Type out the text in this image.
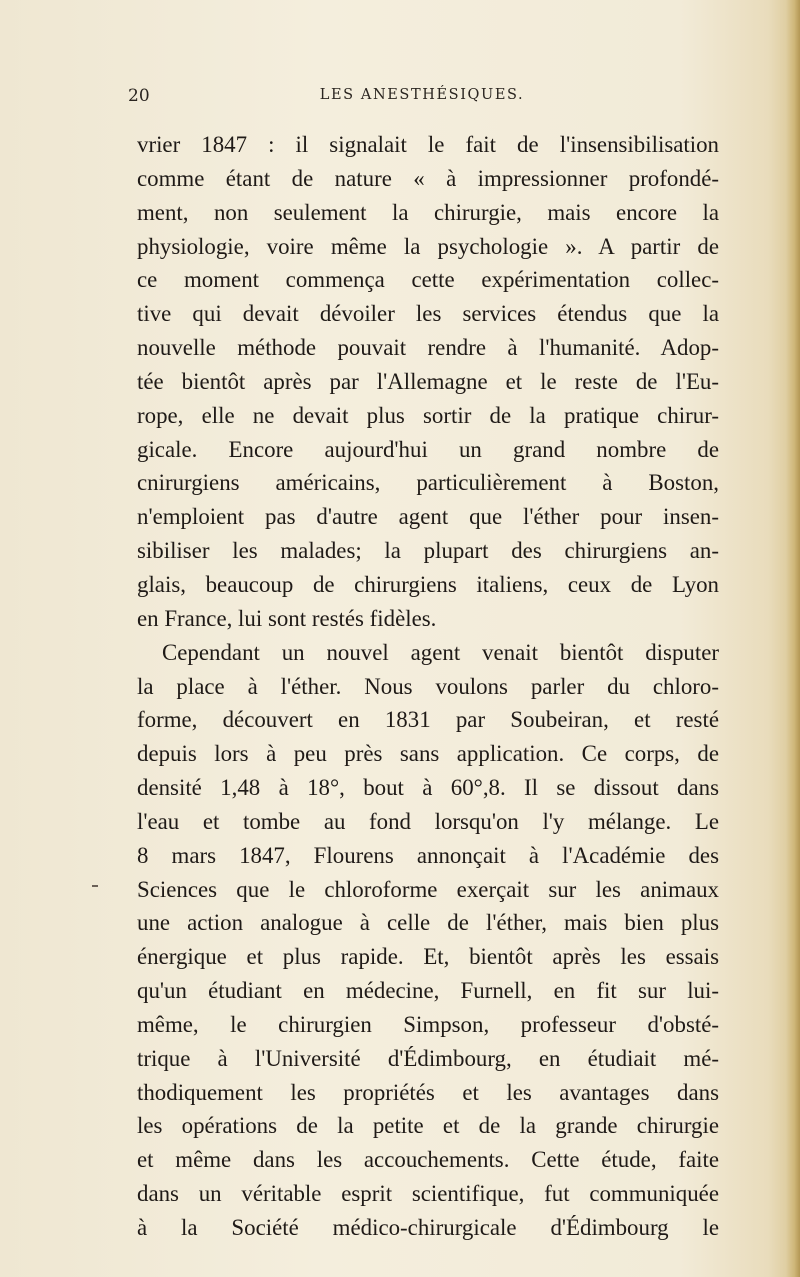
20	LES ANESTHÉSIQUES.
vrier 1847 : il signalait le fait de l'insensibilisation
comme étant de nature « à impressionner profondé-
ment, non seulement la chirurgie, mais encore la
physiologie, voire même la psychologie ». A partir de
ce moment commença cette expérimentation collec-
tive qui devait dévoiler les services étendus que la
nouvelle méthode pouvait rendre à l'humanité. Adop-
tée bientôt après par l'Allemagne et le reste de l'Eu-
rope, elle ne devait plus sortir de la pratique chirur-
gicale. Encore aujourd'hui un grand nombre de
cnirurgiens américains, particulièrement à Boston,
n'emploient pas d'autre agent que l'éther pour insen-
sibiliser les malades; la plupart des chirurgiens an-
glais, beaucoup de chirurgiens italiens, ceux de Lyon
en France, lui sont restés fidèles.
Cependant un nouvel agent venait bientôt disputer
la place à l'éther. Nous voulons parler du chloro-
forme, découvert en 1831 par Soubeiran, et resté
depuis lors à peu près sans application. Ce corps, de
densité 1,48 à 18°, bout à 60°,8. Il se dissout dans
l'eau et tombe au fond lorsqu'on l'y mélange. Le
8 mars 1847, Flourens annonçait à l'Académie des
Sciences que le chloroforme exerçait sur les animaux
une action analogue à celle de l'éther, mais bien plus
énergique et plus rapide. Et, bientôt après les essais
qu'un étudiant en médecine, Furnell, en fit sur lui-
même, le chirurgien Simpson, professeur d'obsté-
trique à l'Université d'Édimbourg, en étudiait mé-
thodiquement les propriétés et les avantages dans
les opérations de la petite et de la grande chirurgie
et même dans les accouchements. Cette étude, faite
dans un véritable esprit scientifique, fut communiquée
à la Société médico-chirurgicale d'Édimbourg le
